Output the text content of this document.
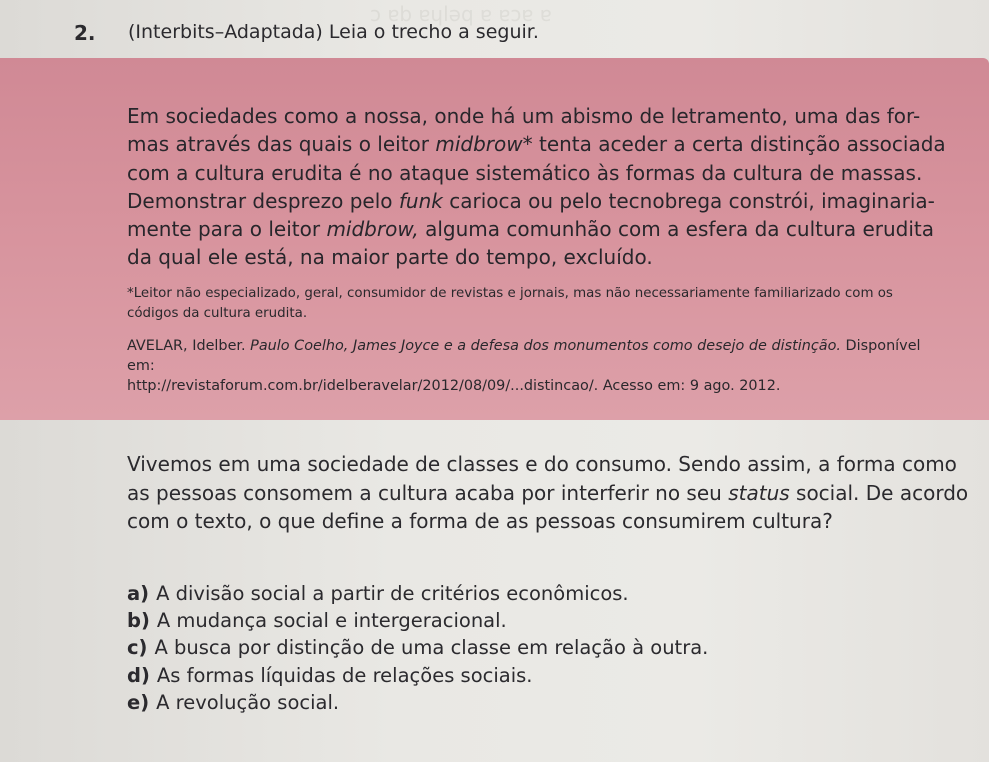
ɔ ɐb ɐɥlǝq ɐ ɐɔɐ ɐ
2. (Interbits–Adaptada) Leia o trecho a seguir.

Em sociedades como a nossa, onde há um abismo de letramento, uma das for-

mas através das quais o leitor midbrow* tenta aceder a certa distinção associada

com a cultura erudita é no ataque sistemático às formas da cultura de massas.

Demonstrar desprezo pelo funk carioca ou pelo tecnobrega constrói, imaginaria-

mente para o leitor midbrow, alguma comunhão com a esfera da cultura erudita

da qual ele está, na maior parte do tempo, excluído.

*Leitor não especializado, geral, consumidor de revistas e jornais, mas não necessariamente familiarizado com os
códigos da cultura erudita.
AVELAR, Idelber. Paulo Coelho, James Joyce e a defesa dos monumentos como desejo de distinção. Disponível em:
http://revistaforum.com.br/idelberavelar/2012/08/09/...distincao/. Acesso em: 9 ago. 2012.

Vivemos em uma sociedade de classes e do consumo. Sendo assim, a forma como

as pessoas consomem a cultura acaba por interferir no seu status social. De acordo

com o texto, o que define a forma de as pessoas consumirem cultura?

a) A divisão social a partir de critérios econômicos.
b) A mudança social e intergeracional.
c) A busca por distinção de uma classe em relação à outra.
d) As formas líquidas de relações sociais.
e) A revolução social.
